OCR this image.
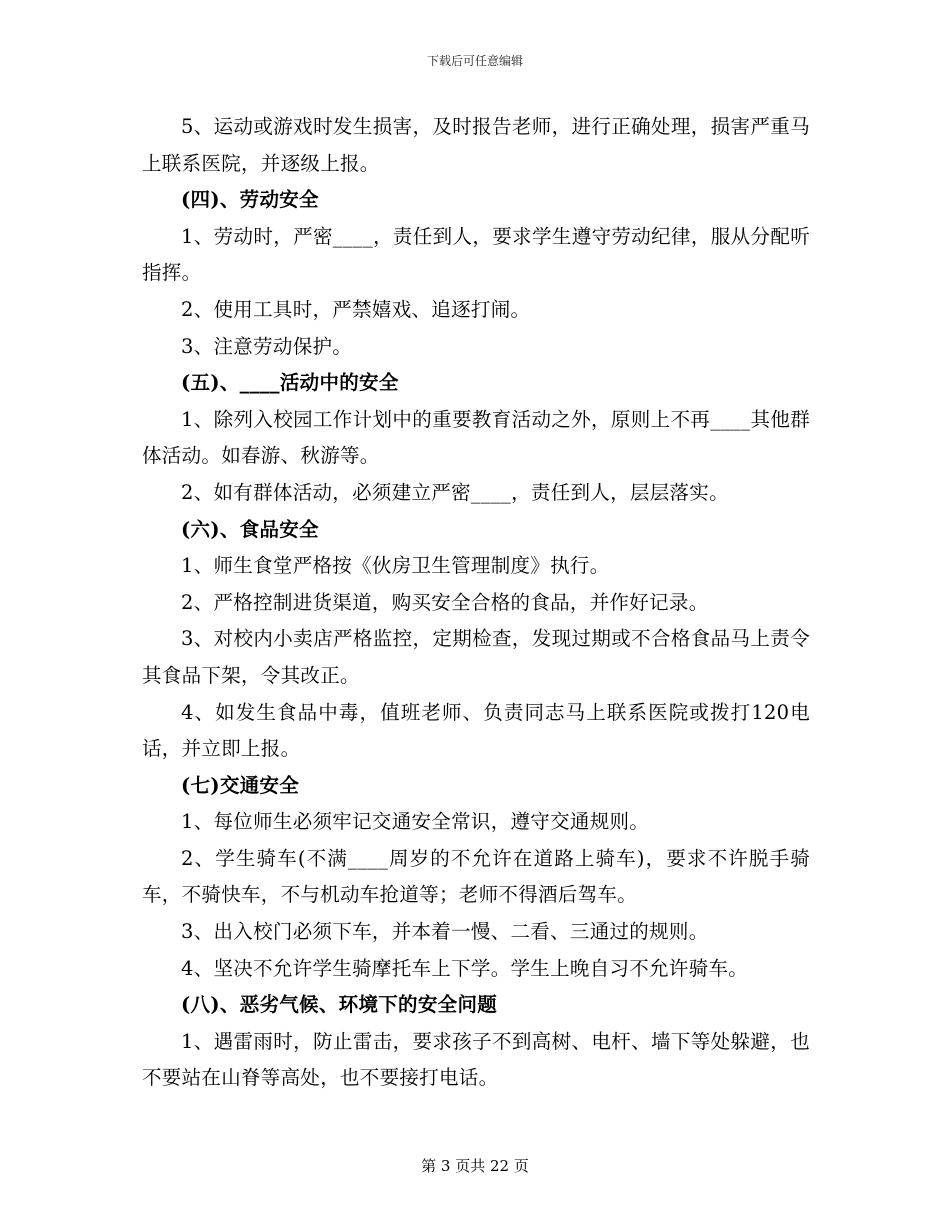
下载后可任意编辑

5、运动或游戏时发生损害，及时报告老师，进行正确处理，损害严重马上联系医院，并逐级上报。

(四)、劳动安全

1、劳动时，严密____，责任到人，要求学生遵守劳动纪律，服从分配听指挥。

2、使用工具时，严禁嬉戏、追逐打闹。

3、注意劳动保护。

(五)、____活动中的安全

1、除列入校园工作计划中的重要教育活动之外，原则上不再____其他群体活动。如春游、秋游等。

2、如有群体活动，必须建立严密____，责任到人，层层落实。

(六)、食品安全

1、师生食堂严格按《伙房卫生管理制度》执行。

2、严格控制进货渠道，购买安全合格的食品，并作好记录。

3、对校内小卖店严格监控，定期检查，发现过期或不合格食品马上责令其食品下架，令其改正。

4、如发生食品中毒，值班老师、负责同志马上联系医院或拨打120电话，并立即上报。

(七)交通安全

1、每位师生必须牢记交通安全常识，遵守交通规则。

2、学生骑车(不满____周岁的不允许在道路上骑车)，要求不许脱手骑车，不骑快车，不与机动车抢道等；老师不得酒后驾车。

3、出入校门必须下车，并本着一慢、二看、三通过的规则。

4、坚决不允许学生骑摩托车上下学。学生上晚自习不允许骑车。

(八)、恶劣气候、环境下的安全问题

1、遇雷雨时，防止雷击，要求孩子不到高树、电杆、墙下等处躲避，也不要站在山脊等高处，也不要接打电话。

第 3 页共 22 页
